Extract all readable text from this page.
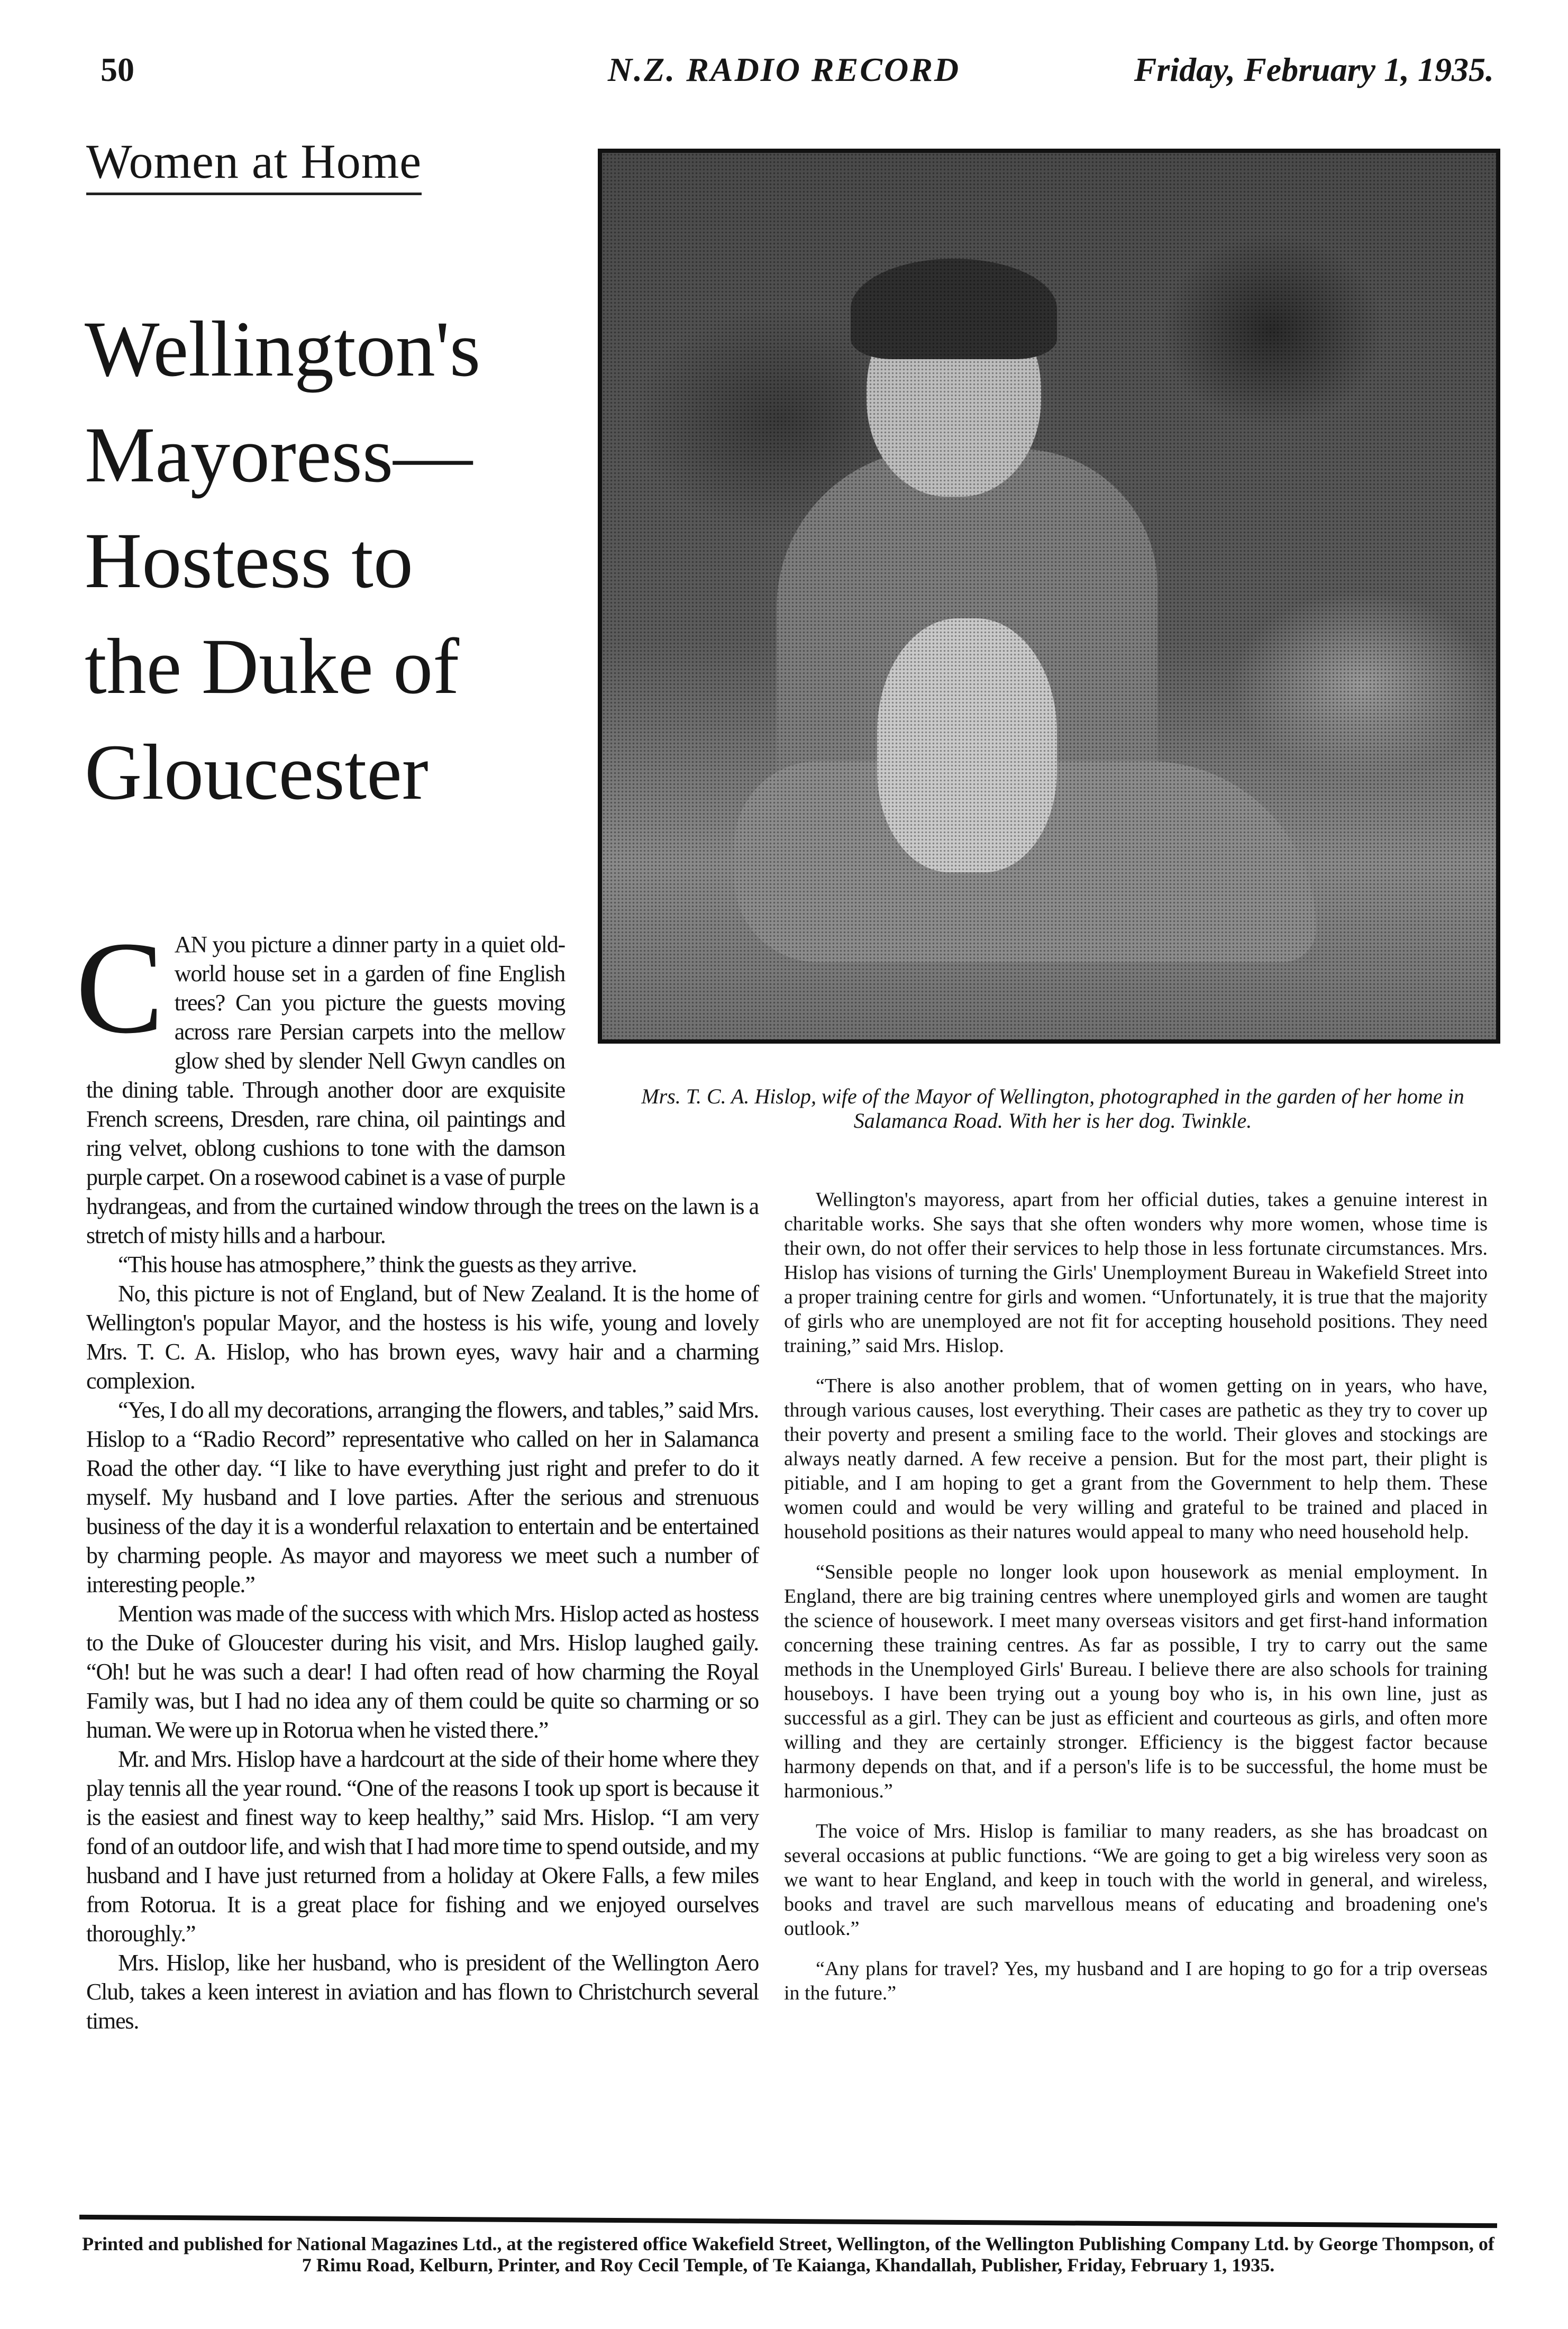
50	N.Z. RADIO RECORD	Friday, February 1, 1935.
Women at Home
Wellington's
Mayoress—
Hostess to
the Duke of
Gloucester
Mrs. T. C. A. Hislop, wife of the Mayor of Wellington, photographed in the garden of her home in Salamanca Road. With her is her dog. Twinkle.
C AN you picture a dinner party in a quiet old-world house set in a garden of fine English trees? Can you picture the guests moving across rare Persian carpets into the mellow glow shed by slender Nell Gwyn candles on the dining table. Through another door are exquisite French screens, Dresden, rare china, oil paintings and ring velvet, oblong cushions to tone with the damson purple carpet. On a rosewood cabinet is a vase of purple hydrangeas, and from the curtained window through the trees on the lawn is a stretch of misty hills and a harbour.

“This house has atmosphere,” think the guests as they arrive.

No, this picture is not of England, but of New Zealand. It is the home of Wellington's popular Mayor, and the hostess is his wife, young and lovely Mrs. T. C. A. Hislop, who has brown eyes, wavy hair and a charming complexion.

“Yes, I do all my decorations, arranging the flowers, and tables,” said Mrs. Hislop to a “Radio Record” representative who called on her in Salamanca Road the other day. “I like to have everything just right and prefer to do it myself. My husband and I love parties. After the serious and strenuous business of the day it is a wonderful relaxation to entertain and be entertained by charming people. As mayor and mayoress we meet such a number of interesting people.”

Mention was made of the success with which Mrs. Hislop acted as hostess to the Duke of Gloucester during his visit, and Mrs. Hislop laughed gaily. “Oh! but he was such a dear! I had often read of how charming the Royal Family was, but I had no idea any of them could be quite so charming or so human. We were up in Rotorua when he visted there.”

Mr. and Mrs. Hislop have a hardcourt at the side of their home where they play tennis all the year round. “One of the reasons I took up sport is because it is the easiest and finest way to keep healthy,” said Mrs. Hislop. “I am very fond of an outdoor life, and wish that I had more time to spend outside, and my husband and I have just returned from a holiday at Okere Falls, a few miles from Rotorua. It is a great place for fishing and we enjoyed ourselves thoroughly.”

Mrs. Hislop, like her husband, who is president of the Wellington Aero Club, takes a keen interest in aviation and has flown to Christchurch several times.

Wellington's mayoress, apart from her official duties, takes a genuine interest in charitable works. She says that she often wonders why more women, whose time is their own, do not offer their services to help those in less fortunate circumstances. Mrs. Hislop has visions of turning the Girls' Unemployment Bureau in Wakefield Street into a proper training centre for girls and women. “Unfortunately, it is true that the majority of girls who are unemployed are not fit for accepting household positions. They need training,” said Mrs. Hislop.

“There is also another problem, that of women getting on in years, who have, through various causes, lost everything. Their cases are pathetic as they try to cover up their poverty and present a smiling face to the world. Their gloves and stockings are always neatly darned. A few receive a pension. But for the most part, their plight is pitiable, and I am hoping to get a grant from the Government to help them. These women could and would be very willing and grateful to be trained and placed in household positions as their natures would appeal to many who need household help.

“Sensible people no longer look upon housework as menial employment. In England, there are big training centres where unemployed girls and women are taught the science of housework. I meet many overseas visitors and get first-hand information concerning these training centres. As far as possible, I try to carry out the same methods in the Unemployed Girls' Bureau. I believe there are also schools for training houseboys. I have been trying out a young boy who is, in his own line, just as successful as a girl. They can be just as efficient and courteous as girls, and often more willing and they are certainly stronger. Efficiency is the biggest factor because harmony depends on that, and if a person's life is to be successful, the home must be harmonious.”

The voice of Mrs. Hislop is familiar to many readers, as she has broadcast on several occasions at public functions. “We are going to get a big wireless very soon as we want to hear England, and keep in touch with the world in general, and wireless, books and travel are such marvellous means of educating and broadening one's outlook.”

“Any plans for travel? Yes, my husband and I are hoping to go for a trip overseas in the future.”

Printed and published for National Magazines Ltd., at the registered office Wakefield Street, Wellington, of the Wellington Publishing Company Ltd. by George Thompson, of 7 Rimu Road, Kelburn, Printer, and Roy Cecil Temple, of Te Kaianga, Khandallah, Publisher, Friday, February 1, 1935.
